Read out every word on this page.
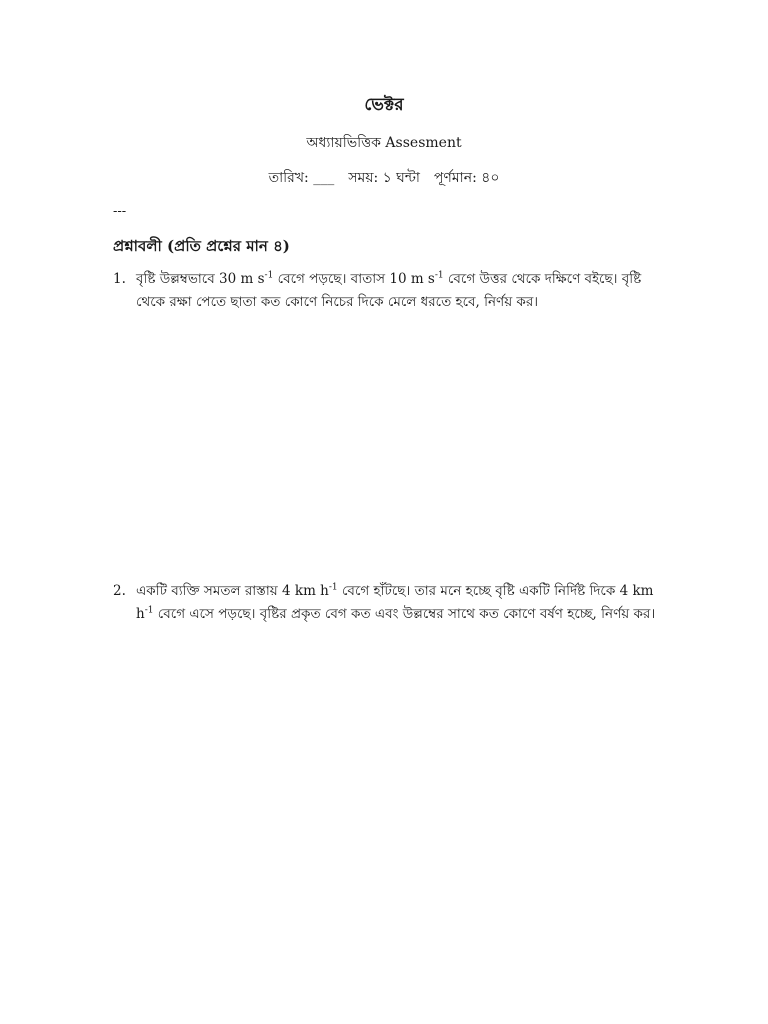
ভেক্টর
অধ্যায়ভিত্তিক Assesment
তারিখ: ___ সময়: ১ ঘন্টা পূর্ণমান: ৪০
---
প্রশ্নাবলী (প্রতি প্রশ্নের মান ৪)
1. বৃষ্টি উল্লম্বভাবে 30 m $s^{-1}$ বেগে পড়ছে। বাতাস 10 m $s^{-1}$ বেগে উত্তর থেকে দক্ষিণে বইছে। বৃষ্টি থেকে রক্ষা পেতে ছাতা কত কোণে নিচের দিকে মেলে ধরতে হবে, নির্ণয় কর।
2. একটি ব্যক্তি সমতল রাস্তায় 4 km $h^{-1}$ বেগে হাঁটছে। তার মনে হচ্ছে বৃষ্টি একটি নির্দিষ্ট দিকে 4 km $h^{-1}$ বেগে এসে পড়ছে। বৃষ্টির প্রকৃত বেগ কত এবং উল্লম্বের সাথে কত কোণে বর্ষণ হচ্ছে, নির্ণয় কর।
